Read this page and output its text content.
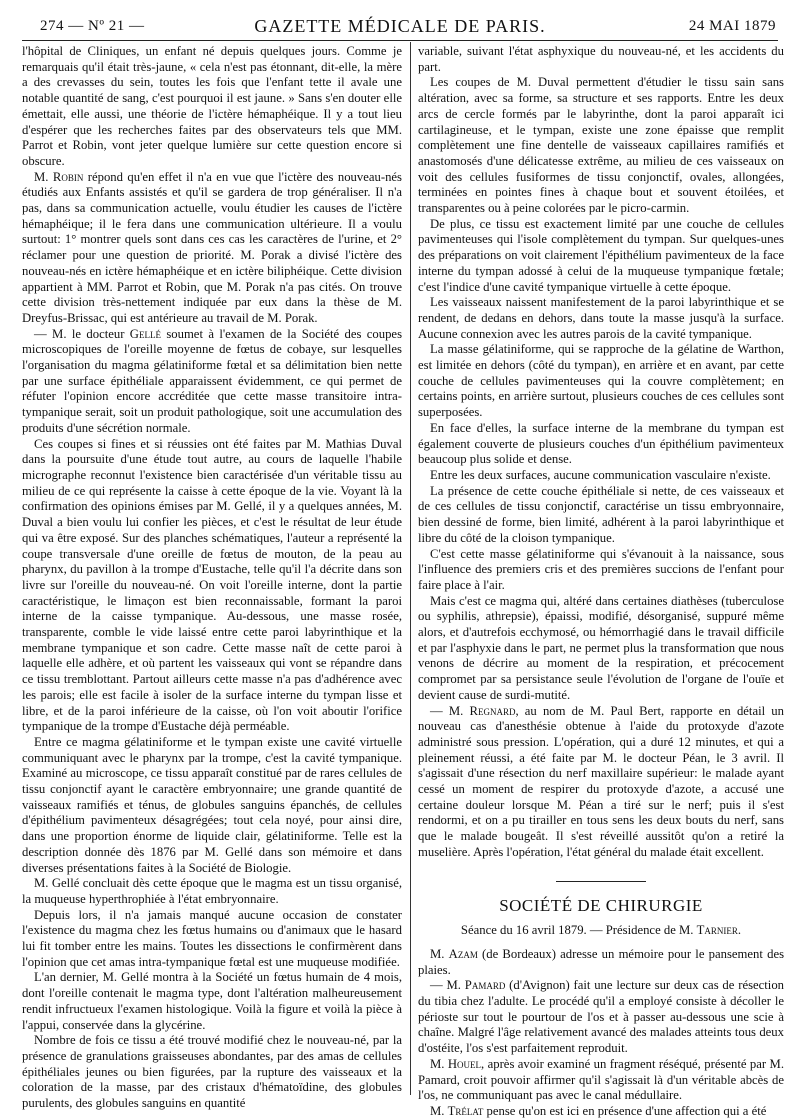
274 — Nº 21 —	GAZETTE MÉDICALE DE PARIS.	24 MAI 1879

l'hôpital de Cliniques, un enfant né depuis quelques jours. Comme je remarquais qu'il était très-jaune, « cela n'est pas étonnant, dit-elle, la mère a des crevasses du sein, toutes les fois que l'enfant tette il avale une notable quantité de sang, c'est pourquoi il est jaune. » Sans s'en douter elle émettait, elle aussi, une théorie de l'ictère hémaphéique. Il y a tout lieu d'espérer que les recherches faites par des observateurs tels que MM. Parrot et Robin, vont jeter quelque lumière sur cette question encore si obscure.

M. Robin répond qu'en effet il n'a en vue que l'ictère des nouveau-nés étudiés aux Enfants assistés et qu'il se gardera de trop généraliser. Il n'a pas, dans sa communication actuelle, voulu étudier les causes de l'ictère hémaphéique; il le fera dans une communication ultérieure. Il a voulu surtout: 1° montrer quels sont dans ces cas les caractères de l'urine, et 2° réclamer pour une question de priorité. M. Porak a divisé l'ictère des nouveau-nés en ictère hémaphéique et en ictère biliphéique. Cette division appartient à MM. Parrot et Robin, que M. Porak n'a pas cités. On trouve cette division très-nettement indiquée par eux dans la thèse de M. Dreyfus-Brissac, qui est antérieure au travail de M. Porak.

— M. le docteur Gellé soumet à l'examen de la Société des coupes microscopiques de l'oreille moyenne de fœtus de cobaye, sur lesquelles l'organisation du magma gélatiniforme fœtal et sa délimitation bien nette par une surface épithéliale apparaissent évidemment, ce qui permet de réfuter l'opinion encore accréditée que cette masse transitoire intra-tympanique serait, soit un produit pathologique, soit une accumulation des produits d'une sécrétion normale.

Ces coupes si fines et si réussies ont été faites par M. Mathias Duval dans la poursuite d'une étude tout autre, au cours de laquelle l'habile micrographe reconnut l'existence bien caractérisée d'un véritable tissu au milieu de ce qui représente la caisse à cette époque de la vie. Voyant là la confirmation des opinions émises par M. Gellé, il y a quelques années, M. Duval a bien voulu lui confier les pièces, et c'est le résultat de leur étude qui va être exposé. Sur des planches schématiques, l'auteur a représenté la coupe transversale d'une oreille de fœtus de mouton, de la peau au pharynx, du pavillon à la trompe d'Eustache, telle qu'il l'a décrite dans son livre sur l'oreille du nouveau-né. On voit l'oreille interne, dont la partie caractéristique, le limaçon est bien reconnaissable, formant la paroi interne de la caisse tympanique. Au-dessous, une masse rosée, transparente, comble le vide laissé entre cette paroi labyrinthique et la membrane tympanique et son cadre. Cette masse naît de cette paroi à laquelle elle adhère, et où partent les vaisseaux qui vont se répandre dans ce tissu tremblottant. Partout ailleurs cette masse n'a pas d'adhérence avec les parois; elle est facile à isoler de la surface interne du tympan lisse et libre, et de la paroi inférieure de la caisse, où l'on voit aboutir l'orifice tympanique de la trompe d'Eustache déjà perméable.

Entre ce magma gélatiniforme et le tympan existe une cavité virtuelle communiquant avec le pharynx par la trompe, c'est la cavité tympanique. Examiné au microscope, ce tissu apparaît constitué par de rares cellules de tissu conjonctif ayant le caractère embryonnaire; une grande quantité de vaisseaux ramifiés et ténus, de globules sanguins épanchés, de cellules d'épithélium pavimenteux désagrégées; tout cela noyé, pour ainsi dire, dans une proportion énorme de liquide clair, gélatiniforme. Telle est la description donnée dès 1876 par M. Gellé dans son mémoire et dans diverses présentations faites à la Société de Biologie.

M. Gellé concluait dès cette époque que le magma est un tissu organisé, la muqueuse hyperthrophiée à l'état embryonnaire.

Depuis lors, il n'a jamais manqué aucune occasion de constater l'existence du magma chez les fœtus humains ou d'animaux que le hasard lui fit tomber entre les mains. Toutes les dissections le confirmèrent dans l'opinion que cet amas intra-tympanique fœtal est une muqueuse modifiée.

L'an dernier, M. Gellé montra à la Société un fœtus humain de 4 mois, dont l'oreille contenait le magma type, dont l'altération malheureusement rendit infructueux l'examen histologique. Voilà la figure et voilà la pièce à l'appui, conservée dans la glycérine.

Nombre de fois ce tissu a été trouvé modifié chez le nouveau-né, par la présence de granulations graisseuses abondantes, par des amas de cellules épithéliales jeunes ou bien figurées, par la rupture des vaisseaux et la coloration de la masse, par des cristaux d'hématoïdine, des globules purulents, des globules sanguins en quantité

variable, suivant l'état asphyxique du nouveau-né, et les accidents du part.

Les coupes de M. Duval permettent d'étudier le tissu sain sans altération, avec sa forme, sa structure et ses rapports. Entre les deux arcs de cercle formés par le labyrinthe, dont la paroi apparaît ici cartilagineuse, et le tympan, existe une zone épaisse que remplit complètement une fine dentelle de vaisseaux capillaires ramifiés et anastomosés d'une délicatesse extrême, au milieu de ces vaisseaux on voit des cellules fusiformes de tissu conjonctif, ovales, allongées, terminées en pointes fines à chaque bout et souvent étoilées, et transparentes ou à peine colorées par le picro-carmin.

De plus, ce tissu est exactement limité par une couche de cellules pavimenteuses qui l'isole complètement du tympan. Sur quelques-unes des préparations on voit clairement l'épithélium pavimenteux de la face interne du tympan adossé à celui de la muqueuse tympanique fœtale; c'est l'indice d'une cavité tympanique virtuelle à cette époque.

Les vaisseaux naissent manifestement de la paroi labyrinthique et se rendent, de dedans en dehors, dans toute la masse jusqu'à la surface. Aucune connexion avec les autres parois de la cavité tympanique.

La masse gélatiniforme, qui se rapproche de la gélatine de Warthon, est limitée en dehors (côté du tympan), en arrière et en avant, par cette couche de cellules pavimenteuses qui la couvre complètement; en certains points, en arrière surtout, plusieurs couches de ces cellules sont superposées.

En face d'elles, la surface interne de la membrane du tympan est également couverte de plusieurs couches d'un épithélium pavimenteux beaucoup plus solide et dense.

Entre les deux surfaces, aucune communication vasculaire n'existe.

La présence de cette couche épithéliale si nette, de ces vaisseaux et de ces cellules de tissu conjonctif, caractérise un tissu embryonnaire, bien dessiné de forme, bien limité, adhérent à la paroi labyrinthique et libre du côté de la cloison tympanique.

C'est cette masse gélatiniforme qui s'évanouit à la naissance, sous l'influence des premiers cris et des premières succions de l'enfant pour faire place à l'air.

Mais c'est ce magma qui, altéré dans certaines diathèses (tuberculose ou syphilis, athrepsie), épaissi, modifié, désorganisé, suppuré même alors, et d'autrefois ecchymosé, ou hémorrhagié dans le travail difficile et par l'asphyxie dans le part, ne permet plus la transformation que nous venons de décrire au moment de la respiration, et précocement compromet par sa persistance seule l'évolution de l'organe de l'ouïe et devient cause de surdi-mutité.

— M. Regnard, au nom de M. Paul Bert, rapporte en détail un nouveau cas d'anesthésie obtenue à l'aide du protoxyde d'azote administré sous pression. L'opération, qui a duré 12 minutes, et qui a pleinement réussi, a été faite par M. le docteur Péan, le 3 avril. Il s'agissait d'une résection du nerf maxillaire supérieur: le malade ayant cessé un moment de respirer du protoxyde d'azote, a accusé une certaine douleur lorsque M. Péan a tiré sur le nerf; puis il s'est rendormi, et on a pu tirailler en tous sens les deux bouts du nerf, sans que le malade bougeât. Il s'est réveillé aussitôt qu'on a retiré la muselière. Après l'opération, l'état général du malade était excellent.

SOCIÉTÉ DE CHIRURGIE
Séance du 16 avril 1879. — Présidence de M. Tarnier.

M. Azam (de Bordeaux) adresse un mémoire pour le pansement des plaies.

— M. Pamard (d'Avignon) fait une lecture sur deux cas de résection du tibia chez l'adulte. Le procédé qu'il a employé consiste à décoller le périoste sur tout le pourtour de l'os et à passer au-dessous une scie à chaîne. Malgré l'âge relativement avancé des malades atteints tous deux d'ostéite, l'os s'est parfaitement reproduit.

M. Houel, après avoir examiné un fragment réséqué, présenté par M. Pamard, croit pouvoir affirmer qu'il s'agissait là d'un véritable abcès de l'os, ne communiquant pas avec le canal médullaire.

M. Trélat pense qu'on est ici en présence d'une affection qui a été
